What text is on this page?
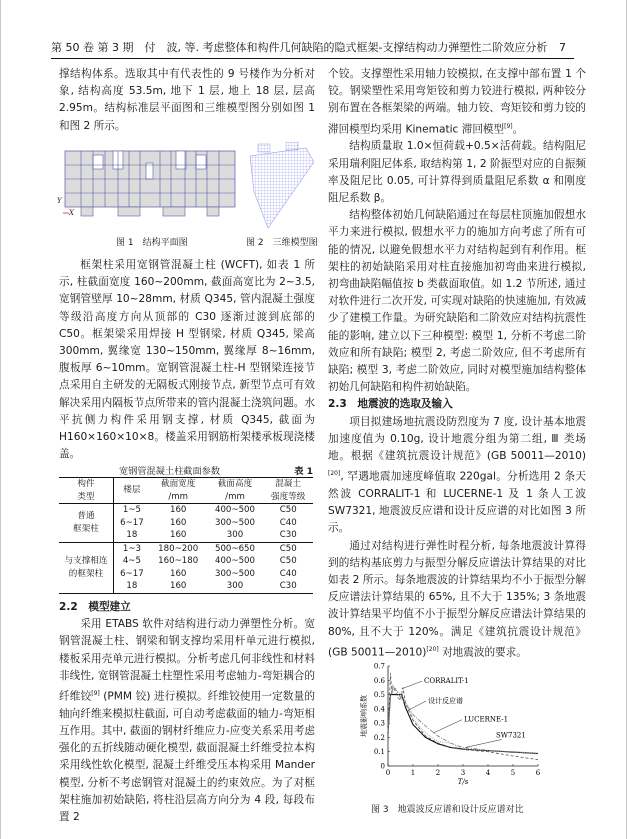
第 50 卷 第 3 期　付　波, 等. 考虑整体和构件几何缺陷的隐式框架-支撑结构动力弹塑性二阶效应分析 7

撑结构体系。选取其中有代表性的 9 号楼作为分析对象, 结构高度 53.5m, 地下 1 层, 地上 18 层, 层高 2.95m。结构标准层平面图和三维模型图分别如图 1 和图 2 所示。

Y
X
图 1　结构平面图	图 2　三维模型图

框架柱采用宽钢管混凝土柱 (WCFT), 如表 1 所示, 柱截面宽度 160~200mm, 截面高宽比为 2~3.5, 宽钢管壁厚 10~28mm, 材质 Q345, 管内混凝土强度等级沿高度方向从顶部的 C30 逐渐过渡到底部的 C50。框架梁采用焊接 H 型钢梁, 材质 Q345, 梁高 300mm, 翼缘宽 130~150mm, 翼缘厚 8~16mm, 腹板厚 6~10mm。宽钢管混凝土柱-H 型钢梁连接节点采用自主研发的无隔板式刚接节点, 新型节点可有效解决采用内隔板节点所带来的管内混凝土浇筑问题。水平抗侧力构件采用钢支撑, 材质 Q345, 截面为 H160×160×10×8。楼盖采用钢筋桁架楼承板现浇楼盖。

宽钢管混凝土柱截面参数	表 1
构件
类型	楼层	截面宽度
/mm	截面高度
/mm	混凝土
强度等级
普通
框架柱	1~5	160	400~500	C50
	6~17	160	300~500	C40
	18	160	300	C30
与支撑相连
的框架柱	1~3	180~200	500~650	C50
	4~5	160~180	400~500	C50
	6~17	160	300~500	C40
	18	160	300	C30

2.2　模型建立

采用 ETABS 软件对结构进行动力弹塑性分析。宽钢管混凝土柱、钢梁和钢支撑均采用杆单元进行模拟, 楼板采用壳单元进行模拟。分析考虑几何非线性和材料非线性, 宽钢管混凝土柱塑性采用考虑轴力-弯矩耦合的纤维铰[9] (PMM 铰) 进行模拟。纤维铰使用一定数量的轴向纤维来模拟柱截面, 可自动考虑截面的轴力-弯矩相互作用。其中, 截面的钢材纤维应力-应变关系采用考虑强化的五折线随动硬化模型, 截面混凝土纤维受拉本构采用线性软化模型, 混凝土纤维受压本构采用 Mander 模型, 分析不考虑钢管对混凝土的约束效应。为了对框架柱施加初始缺陷, 将柱沿层高方向分为 4 段, 每段布置 2

个铰。支撑塑性采用轴力铰模拟, 在支撑中部布置 1 个铰。钢梁塑性采用弯矩铰和剪力铰进行模拟, 两种铰分别布置在各框架梁的两端。轴力铰、弯矩铰和剪力铰的滞回模型均采用 Kinematic 滞回模型[9]。

结构质量取 1.0×恒荷载+0.5×活荷载。结构阻尼采用瑞利阻尼体系, 取结构第 1, 2 阶振型对应的自振频率及阻尼比 0.05, 可计算得到质量阻尼系数 α 和刚度阻尼系数 β。

结构整体初始几何缺陷通过在每层柱顶施加假想水平力来进行模拟, 假想水平力的施加方向考虑了所有可能的情况, 以避免假想水平力对结构起到有利作用。框架柱的初始缺陷采用对柱直接施加初弯曲来进行模拟, 初弯曲缺陷幅值按 b 类截面取值。如 1.2 节所述, 通过对软件进行二次开发, 可实现对缺陷的快速施加, 有效减少了建模工作量。为研究缺陷和二阶效应对结构抗震性能的影响, 建立以下三种模型: 模型 1, 分析不考虑二阶效应和所有缺陷; 模型 2, 考虑二阶效应, 但不考虑所有缺陷; 模型 3, 考虑二阶效应, 同时对模型施加结构整体初始几何缺陷和构件初始缺陷。

2.3　地震波的选取及输入

项目拟建场地抗震设防烈度为 7 度, 设计基本地震加速度值为 0.10g, 设计地震分组为第二组, Ⅲ 类场地。根据《建筑抗震设计规范》(GB 50011—2010)[20], 罕遇地震加速度峰值取 220gal。分析选用 2 条天然波 CORRALIT-1 和 LUCERNE-1 及 1 条人工波 SW7321, 地震波反应谱和设计反应谱的对比如图 3 所示。

通过对结构进行弹性时程分析, 每条地震波计算得到的结构基底剪力与振型分解反应谱法计算结果的对比如表 2 所示。每条地震波的计算结果均不小于振型分解反应谱法计算结果的 65%, 且不大于 135%; 3 条地震波计算结果平均值不小于振型分解反应谱法计算结果的 80%, 且不大于 120%。满足《建筑抗震设计规范》(GB 50011—2010)[20] 对地震波的要求。

0	1	2	3	4	5	6
0
0.1
0.2
0.3
0.4
0.5
0.6
0.7
T/s
地震影响系数
CORRALIT-1
设计反应谱
LUCERNE-1
SW7321
图 3　地震波反应谱和设计反应谱对比
